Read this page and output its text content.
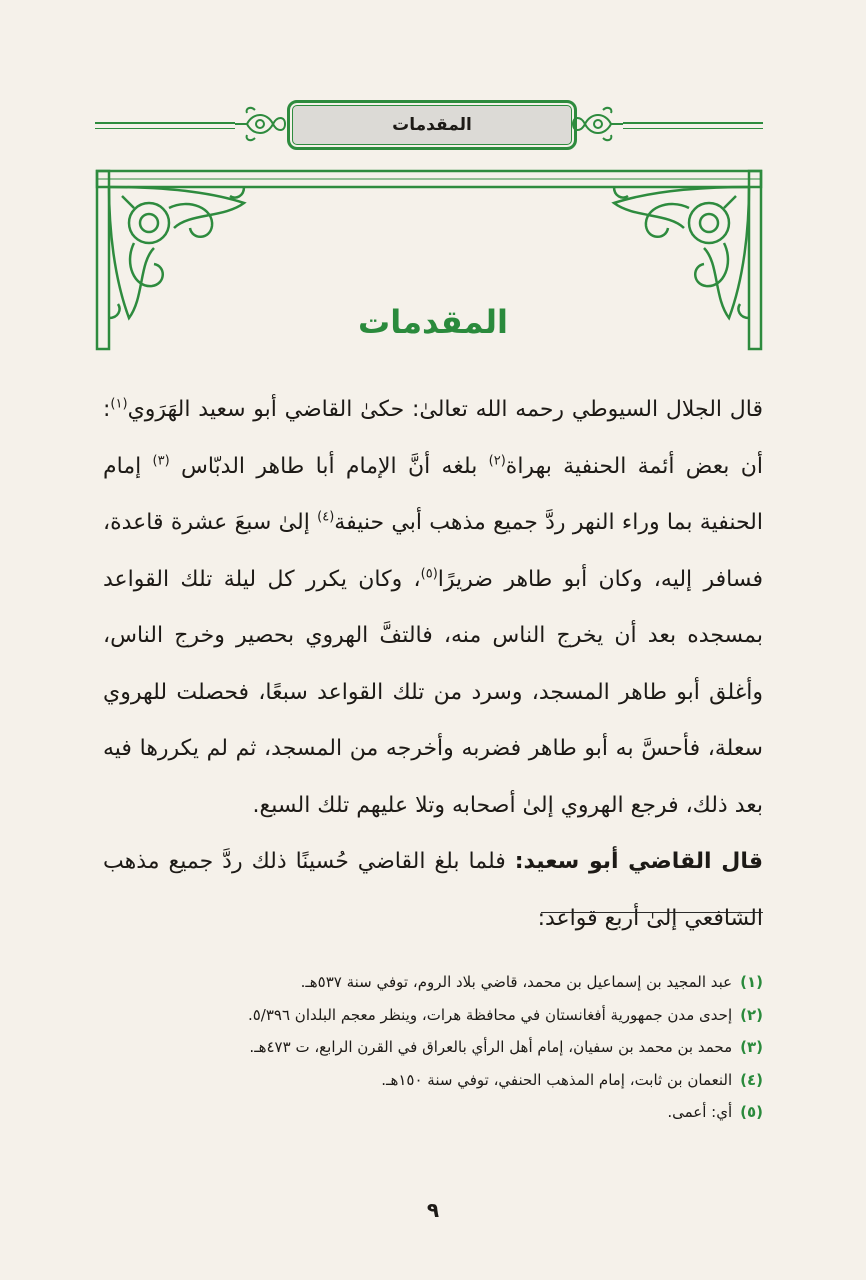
المقدمات
المقدمات

قال الجلال السيوطي رحمه الله تعالىٰ: حكىٰ القاضي أبو سعيد الهَرَوي$^{(١)}$: أن بعض أئمة الحنفية بهراة$^{(٢)}$ بلغه أنَّ الإمام أبا طاهر الدبّاس $^{(٣)}$ إمام الحنفية بما وراء النهر ردَّ جميع مذهب أبي حنيفة$^{(٤)}$ إلىٰ سبعَ عشرة قاعدة، فسافر إليه، وكان أبو طاهر ضريرًا$^{(٥)}$، وكان يكرر كل ليلة تلك القواعد بمسجده بعد أن يخرج الناس منه، فالتفَّ الهروي بحصير وخرج الناس، وأغلق أبو طاهر المسجد، وسرد من تلك القواعد سبعًا، فحصلت للهروي سعلة، فأحسَّ به أبو طاهر فضربه وأخرجه من المسجد، ثم لم يكررها فيه بعد ذلك، فرجع الهروي إلىٰ أصحابه وتلا عليهم تلك السبع.

قال القاضي أبو سعيد: فلما بلغ القاضي حُسينًا ذلك ردَّ جميع مذهب الشافعي إلىٰ أربع قواعد:

(١)عبد المجيد بن إسماعيل بن محمد، قاضي بلاد الروم، توفي سنة ٥٣٧هـ.
(٢)إحدى مدن جمهورية أفغانستان في محافظة هرات، وينظر معجم البلدان ٥/٣٩٦.
(٣)محمد بن محمد بن سفيان، إمام أهل الرأي بالعراق في القرن الرابع، ت ٤٧٣هـ.
(٤)النعمان بن ثابت، إمام المذهب الحنفي، توفي سنة ١٥٠هـ.
(٥)أي: أعمى.
٩
